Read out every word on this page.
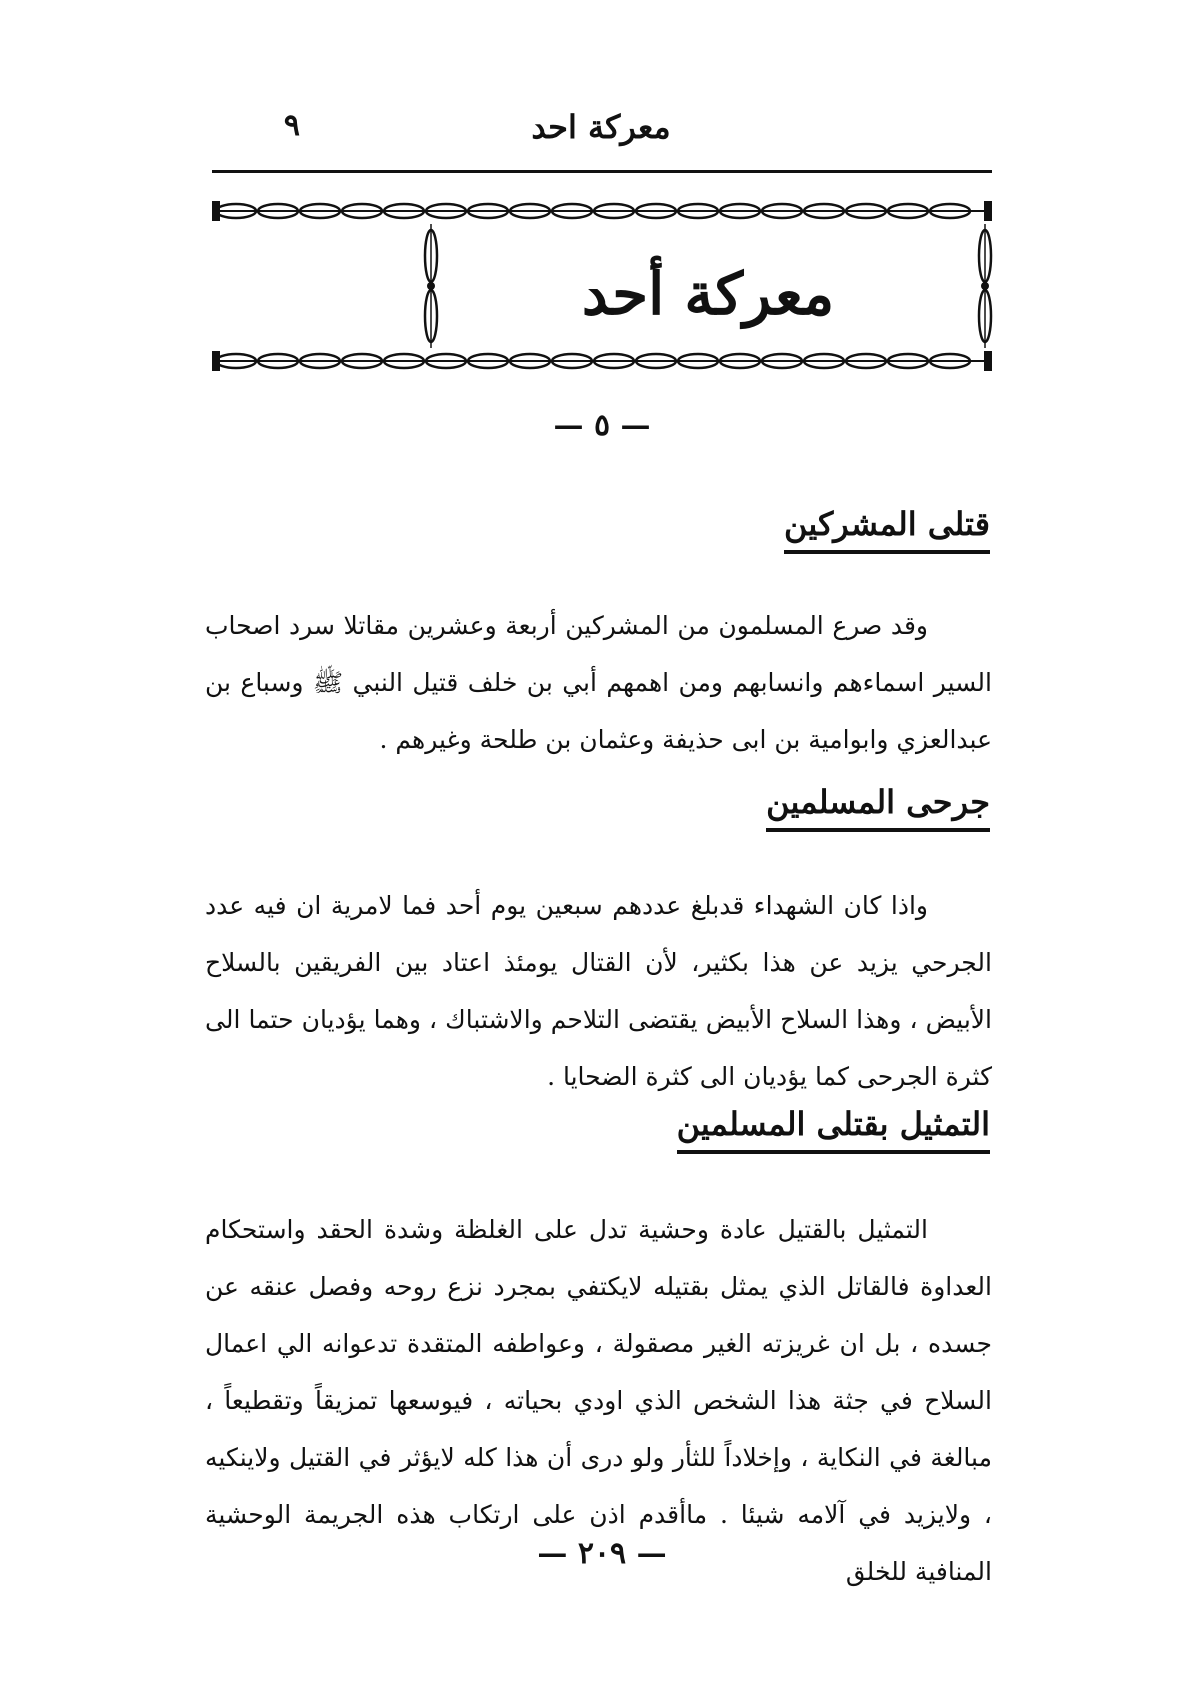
معركة احد
٩
معركة أحد
— ٥ —
قتلى المشركين

وقد صرع المسلمون من المشركين أربعة وعشرين مقاتلا سرد اصحاب السير اسماءهم وانسابهم ومن اهمهم أبي بن خلف قتيل النبي ﷺ وسباع بن عبدالعزي وابوامية بن ابى حذيفة وعثمان بن طلحة وغيرهم .

جرحى المسلمين

واذا كان الشهداء قدبلغ عددهم سبعين يوم أحد فما لامرية ان فيه عدد الجرحي يزيد عن هذا بكثير، لأن القتال يومئذ اعتاد بين الفريقين بالسلاح الأبيض ، وهذا السلاح الأبيض يقتضى التلاحم والاشتباك ، وهما يؤديان حتما الى كثرة الجرحى كما يؤديان الى كثرة الضحايا .

التمثيل بقتلى المسلمين

التمثيل بالقتيل عادة وحشية تدل على الغلظة وشدة الحقد واستحكام العداوة فالقاتل الذي يمثل بقتيله لايكتفي بمجرد نزع روحه وفصل عنقه عن جسده ، بل ان غريزته الغير مصقولة ، وعواطفه المتقدة تدعوانه الي اعمال السلاح في جثة هذا الشخص الذي اودي بحياته ، فيوسعها تمزيقاً وتقطيعاً ، مبالغة في النكاية ، وإخلاداً للثأر ولو درى أن هذا كله لايؤثر في القتيل ولاينكيه ، ولايزيد في آلامه شيئا . ماأقدم اذن على ارتكاب هذه الجريمة الوحشية المنافية للخلق

— ٢٠٩ —
